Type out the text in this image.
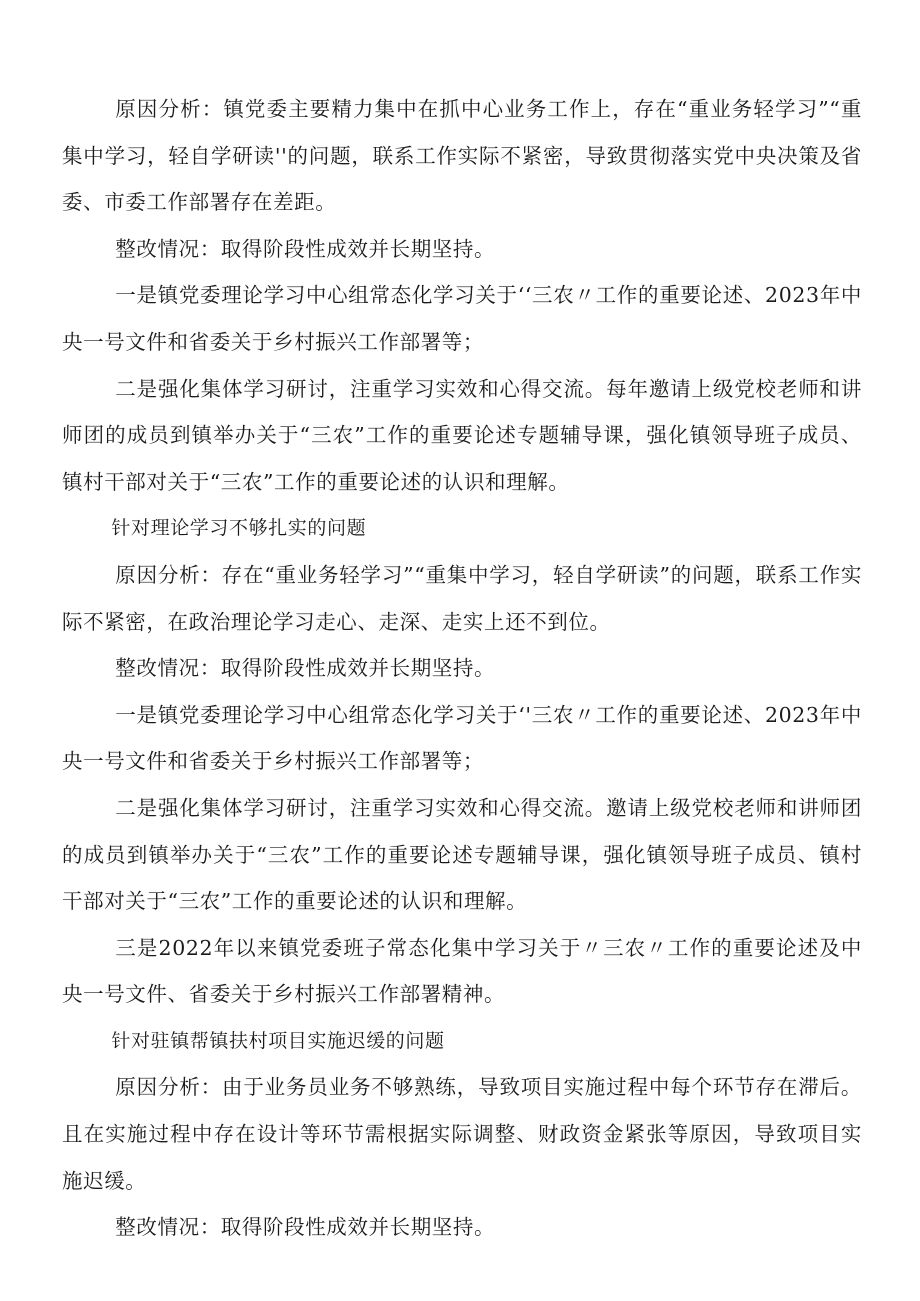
原因分析：镇党委主要精力集中在抓中心业务工作上，存在“重业务轻学习”“重集中学习，轻自学研读''的问题，联系工作实际不紧密，导致贯彻落实党中央决策及省委、市委工作部署存在差距。

整改情况：取得阶段性成效并长期坚持。

一是镇党委理论学习中心组常态化学习关于‘‘三农〃工作的重要论述、2023年中央一号文件和省委关于乡村振兴工作部署等；

二是强化集体学习研讨，注重学习实效和心得交流。每年邀请上级党校老师和讲师团的成员到镇举办关于“三农”工作的重要论述专题辅导课，强化镇领导班子成员、镇村干部对关于“三农”工作的重要论述的认识和理解。

针对理论学习不够扎实的问题

原因分析：存在“重业务轻学习”“重集中学习，轻自学研读”的问题，联系工作实际不紧密，在政治理论学习走心、走深、走实上还不到位。

整改情况：取得阶段性成效并长期坚持。

一是镇党委理论学习中心组常态化学习关于‘'三农〃工作的重要论述、2023年中央一号文件和省委关于乡村振兴工作部署等；

二是强化集体学习研讨，注重学习实效和心得交流。邀请上级党校老师和讲师团的成员到镇举办关于“三农”工作的重要论述专题辅导课，强化镇领导班子成员、镇村干部对关于“三农”工作的重要论述的认识和理解。

三是2022年以来镇党委班子常态化集中学习关于〃三农〃工作的重要论述及中央一号文件、省委关于乡村振兴工作部署精神。

针对驻镇帮镇扶村项目实施迟缓的问题

原因分析：由于业务员业务不够熟练，导致项目实施过程中每个环节存在滞后。且在实施过程中存在设计等环节需根据实际调整、财政资金紧张等原因，导致项目实施迟缓。

整改情况：取得阶段性成效并长期坚持。
